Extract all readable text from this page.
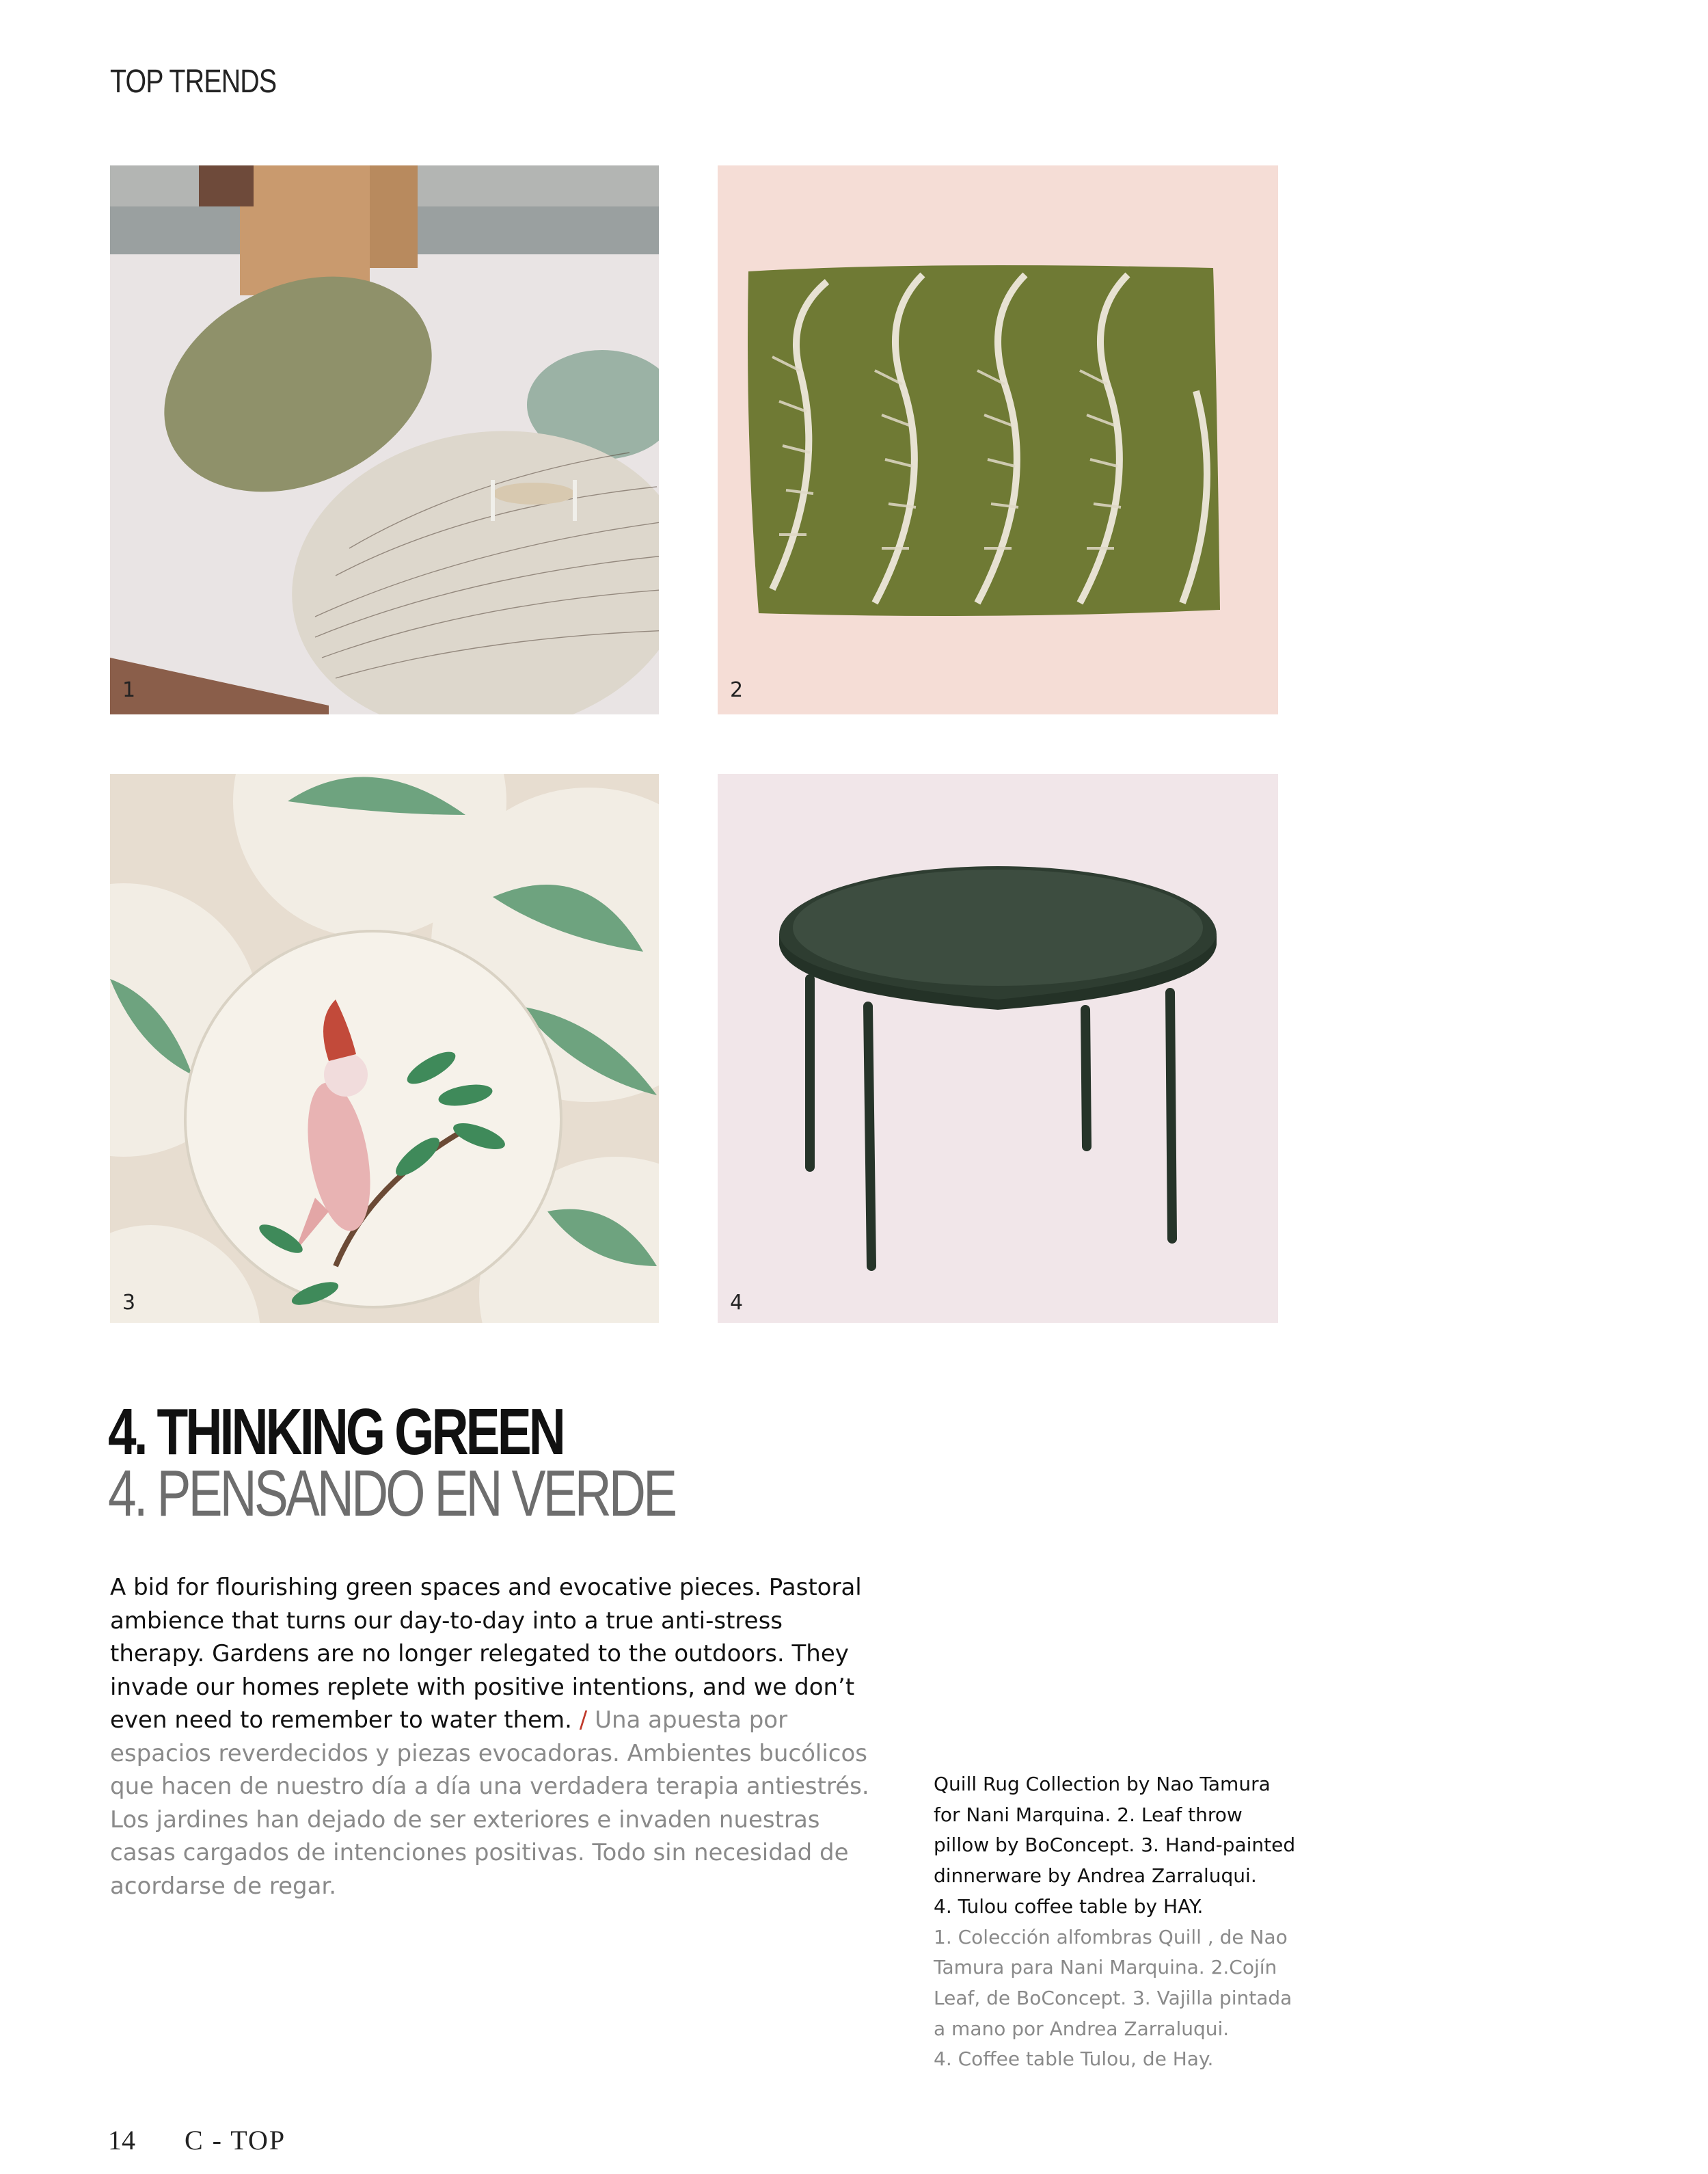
TOP TRENDS
1	2
3	4
4. THINKING GREEN
4. PENSANDO EN VERDE
A bid for flourishing green spaces and evocative pieces. Pastoral ambience that turns our day-to-day into a true anti-stress therapy. Gardens are no longer relegated to the outdoors. They invade our homes replete with positive intentions, and we don’t even need to remember to water them. / Una apuesta por espacios reverdecidos y piezas evocadoras. Ambientes bucólicos que hacen de nuestro día a día una verdadera terapia antiestrés. Los jardines han dejado de ser exteriores e invaden nuestras casas cargados de intenciones positivas. Todo sin necesidad de acordarse de regar.
Quill Rug Collection by Nao Tamura
for Nani Marquina. 2. Leaf throw
pillow by BoConcept. 3. Hand-painted
dinnerware by Andrea Zarraluqui.
4. Tulou coffee table by HAY.
1. Colección alfombras Quill , de Nao
Tamura para Nani Marquina. 2.Cojín
Leaf, de BoConcept. 3. Vajilla pintada
a mano por Andrea Zarraluqui.
4. Coffee table Tulou, de Hay.
14 C - TOP
